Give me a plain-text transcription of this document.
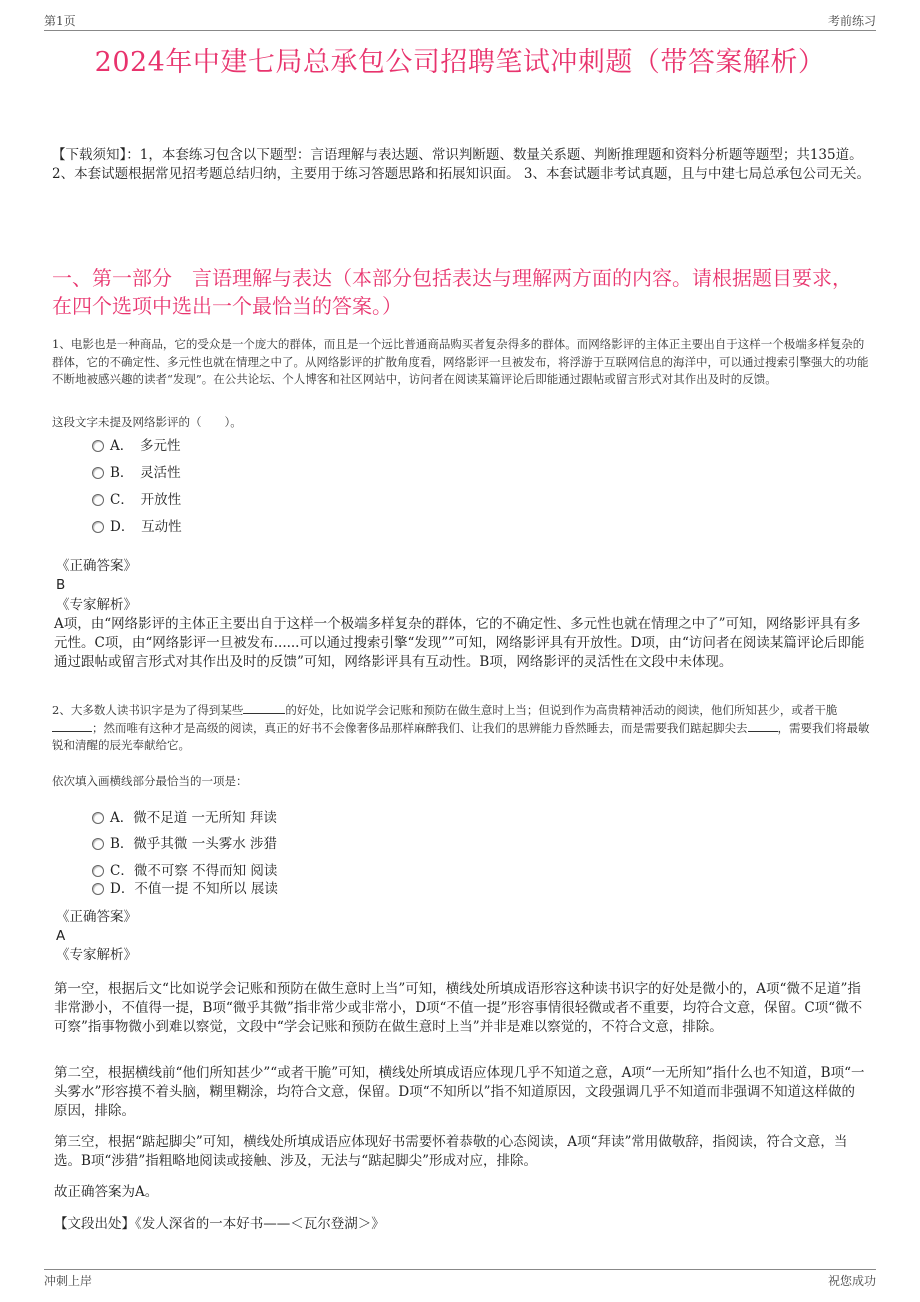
第1页	考前练习
2024年中建七局总承包公司招聘笔试冲刺题（带答案解析）
【下载须知】：1，本套练习包含以下题型：言语理解与表达题、常识判断题、数量关系题、判断推理题和资料分析题等题型；共135道。 2、本套试题根据常见招考题总结归纳，主要用于练习答题思路和拓展知识面。 3、本套试题非考试真题，且与中建七局总承包公司无关。
一、第一部分　言语理解与表达（本部分包括表达与理解两方面的内容。请根据题目要求，在四个选项中选出一个最恰当的答案。）
1、电影也是一种商品，它的受众是一个庞大的群体，而且是一个远比普通商品购买者复杂得多的群体。而网络影评的主体正主要出自于这样一个极端多样复杂的群体，它的不确定性、多元性也就在情理之中了。从网络影评的扩散角度看，网络影评一旦被发布，将浮游于互联网信息的海洋中，可以通过搜索引擎强大的功能不断地被感兴趣的读者“发现”。在公共论坛、个人博客和社区网站中，访问者在阅读某篇评论后即能通过跟帖或留言形式对其作出及时的反馈。
这段文字未提及网络影评的（　　）。
A．　多元性
B．　灵活性
C．　开放性
D．　互动性
《正确答案》
B
《专家解析》
A项，由“网络影评的主体正主要出自于这样一个极端多样复杂的群体，它的不确定性、多元性也就在情理之中了”可知，网络影评具有多元性。C项，由“网络影评一旦被发布......可以通过搜索引擎“发现””可知，网络影评具有开放性。D项，由“访问者在阅读某篇评论后即能通过跟帖或留言形式对其作出及时的反馈”可知，网络影评具有互动性。B项，网络影评的灵活性在文段中未体现。
2、大多数人读书识字是为了得到某些	的好处，比如说学会记账和预防在做生意时上当；但说到作为高贵精神活动的阅读，他们所知甚少，或者干脆；然而唯有这种才是高级的阅读，真正的好书不会像奢侈品那样麻醉我们、让我们的思辨能力昏然睡去，而是需要我们踮起脚尖去	，需要我们将最敏锐和清醒的辰光奉献给它。
依次填入画横线部分最恰当的一项是：
A．微不足道 一无所知 拜读
B．微乎其微 一头雾水 涉猎
C．微不可察 不得而知 阅读
D．不值一提 不知所以 展读
《正确答案》
A
《专家解析》
第一空，根据后文“比如说学会记账和预防在做生意时上当”可知，横线处所填成语形容这种读书识字的好处是微小的，A项“微不足道”指非常渺小，不值得一提，B项“微乎其微”指非常少或非常小，D项“不值一提”形容事情很轻微或者不重要，均符合文意，保留。C项“微不可察”指事物微小到难以察觉，文段中“学会记账和预防在做生意时上当”并非是难以察觉的，不符合文意，排除。
第二空，根据横线前“他们所知甚少”“或者干脆”可知，横线处所填成语应体现几乎不知道之意，A项“一无所知”指什么也不知道，B项“一头雾水”形容摸不着头脑，糊里糊涂，均符合文意，保留。D项“不知所以”指不知道原因，文段强调几乎不知道而非强调不知道这样做的原因，排除。
第三空，根据“踮起脚尖”可知，横线处所填成语应体现好书需要怀着恭敬的心态阅读，A项“拜读”常用做敬辞，指阅读，符合文意，当选。B项“涉猎”指粗略地阅读或接触、涉及，无法与“踮起脚尖”形成对应，排除。
故正确答案为A。
【文段出处】《发人深省的一本好书——＜瓦尔登湖＞》
冲刺上岸	祝您成功
